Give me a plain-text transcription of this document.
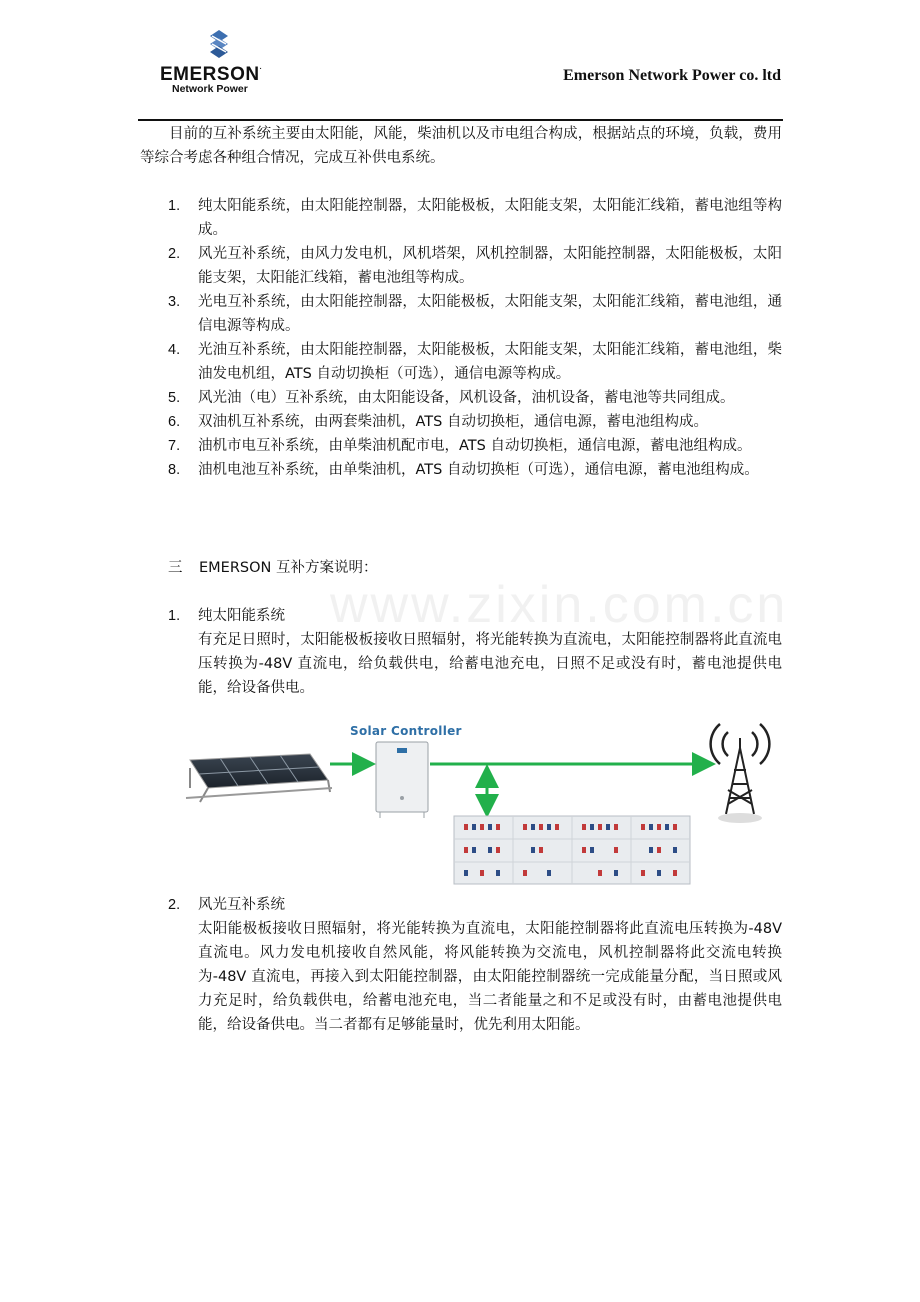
EMERSON.
Network Power
Emerson Network Power co. ltd
www.zixin.com.cn
目前的互补系统主要由太阳能，风能，柴油机以及市电组合构成，根据站点的环境，负载，费用等综合考虑各种组合情况，完成互补供电系统。
1. 纯太阳能系统，由太阳能控制器，太阳能极板，太阳能支架，太阳能汇线箱，蓄电池组等构成。
2. 风光互补系统，由风力发电机，风机塔架，风机控制器，太阳能控制器，太阳能极板，太阳能支架，太阳能汇线箱，蓄电池组等构成。
3. 光电互补系统，由太阳能控制器，太阳能极板，太阳能支架，太阳能汇线箱，蓄电池组，通信电源等构成。
4. 光油互补系统，由太阳能控制器，太阳能极板，太阳能支架，太阳能汇线箱，蓄电池组，柴油发电机组，ATS 自动切换柜（可选），通信电源等构成。
5. 风光油（电）互补系统，由太阳能设备，风机设备，油机设备，蓄电池等共同组成。
6. 双油机互补系统，由两套柴油机，ATS 自动切换柜，通信电源，蓄电池组构成。
7. 油机市电互补系统，由单柴油机配市电，ATS 自动切换柜，通信电源，蓄电池组构成。
8. 油机电池互补系统，由单柴油机，ATS 自动切换柜（可选），通信电源，蓄电池组构成。
三 EMERSON 互补方案说明：
1. 纯太阳能系统
有充足日照时，太阳能极板接收日照辐射，将光能转换为直流电，太阳能控制器将此直流电压转换为-48V 直流电，给负载供电，给蓄电池充电，日照不足或没有时，蓄电池提供电能，给设备供电。
Solar Controller
2. 风光互补系统
太阳能极板接收日照辐射，将光能转换为直流电，太阳能控制器将此直流电压转换为-48V 直流电。风力发电机接收自然风能，将风能转换为交流电，风机控制器将此交流电转换为-48V 直流电，再接入到太阳能控制器，由太阳能控制器统一完成能量分配，当日照或风力充足时，给负载供电，给蓄电池充电，当二者能量之和不足或没有时，由蓄电池提供电能，给设备供电。当二者都有足够能量时，优先利用太阳能。
